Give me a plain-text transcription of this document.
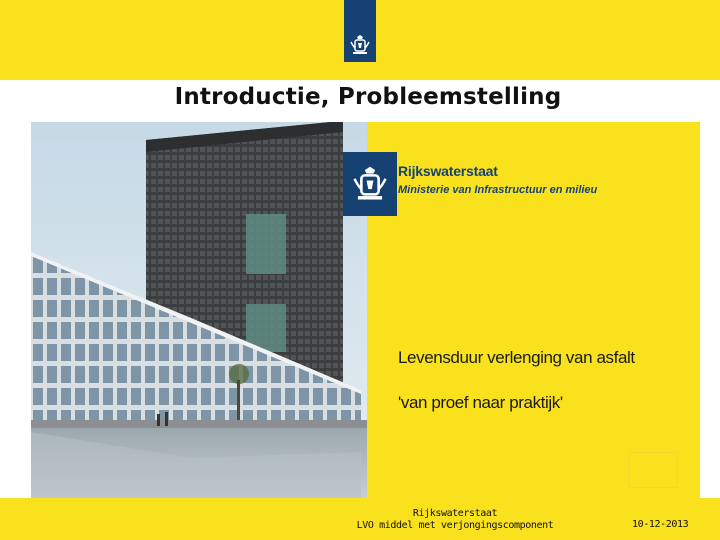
Introductie, Probleemstelling
Rijkswaterstaat
Ministerie van Infrastructuur en milieu
Levensduur verlenging van asfalt
'van proef naar praktijk'
Rijkswaterstaat
LVO middel met verjongingscomponent	10-12-2013
